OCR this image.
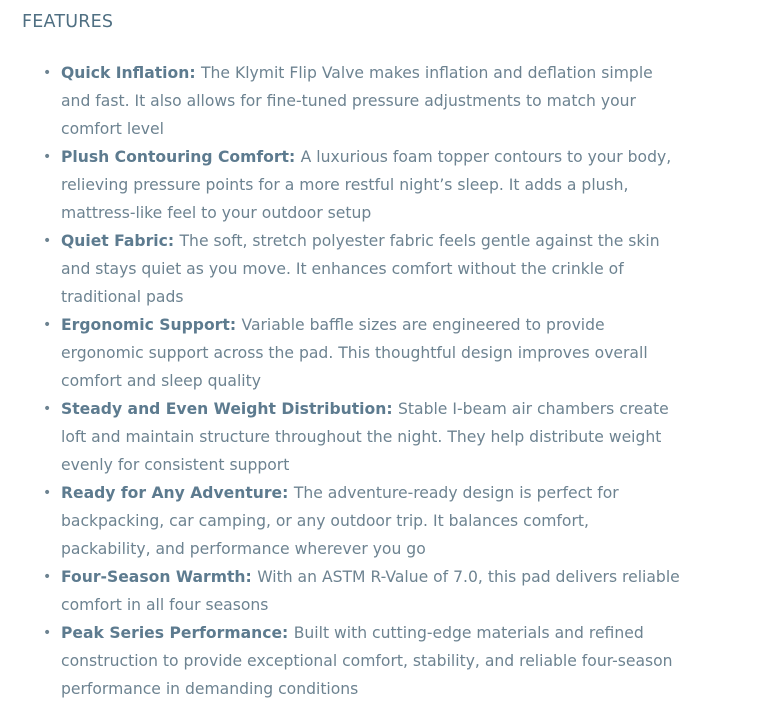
FEATURES
• Quick Inflation: The Klymit Flip Valve makes inflation and deflation simple and fast. It also allows for fine-tuned pressure adjustments to match your comfort level
• Plush Contouring Comfort: A luxurious foam topper contours to your body, relieving pressure points for a more restful night’s sleep. It adds a plush, mattress-like feel to your outdoor setup
• Quiet Fabric: The soft, stretch polyester fabric feels gentle against the skin and stays quiet as you move. It enhances comfort without the crinkle of traditional pads
• Ergonomic Support: Variable baffle sizes are engineered to provide ergonomic support across the pad. This thoughtful design improves overall comfort and sleep quality
• Steady and Even Weight Distribution: Stable I-beam air chambers create loft and maintain structure throughout the night. They help distribute weight evenly for consistent support
• Ready for Any Adventure: The adventure-ready design is perfect for backpacking, car camping, or any outdoor trip. It balances comfort, packability, and performance wherever you go
• Four-Season Warmth: With an ASTM R-Value of 7.0, this pad delivers reliable comfort in all four seasons
• Peak Series Performance: Built with cutting-edge materials and refined construction to provide exceptional comfort, stability, and reliable four-season performance in demanding conditions
